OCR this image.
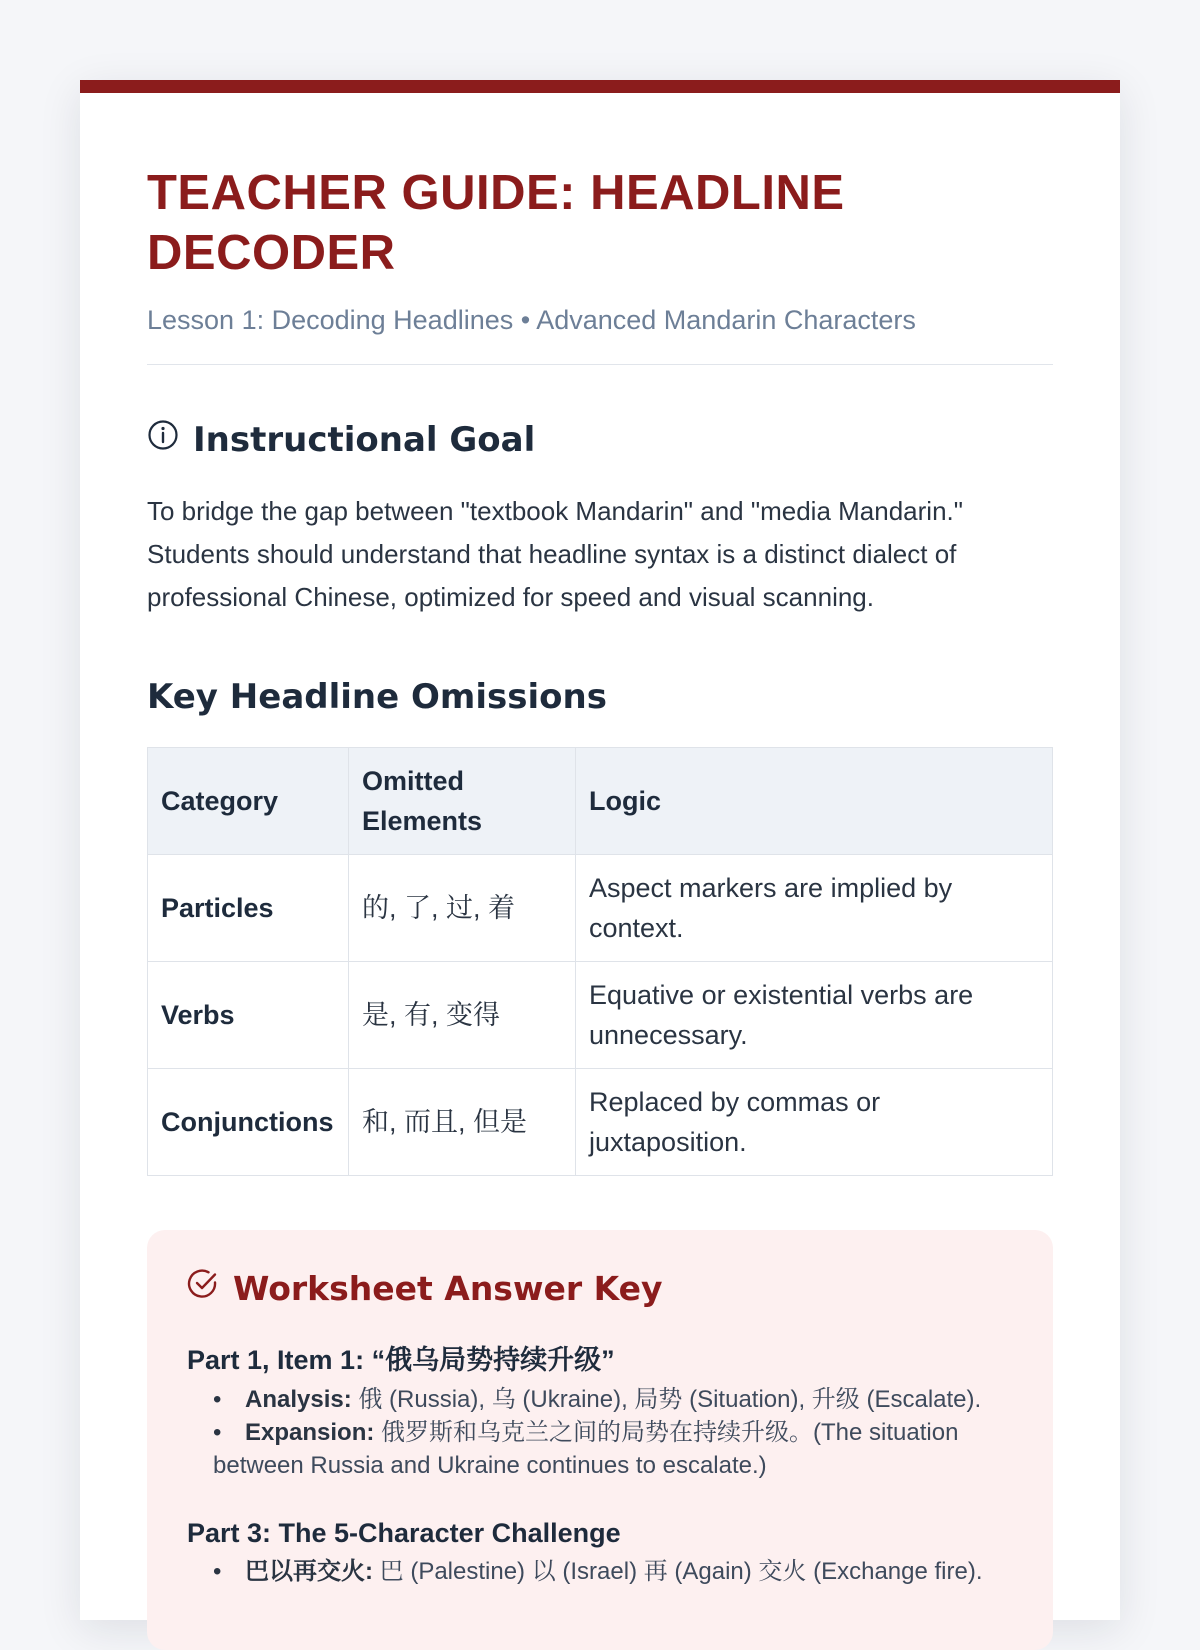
TEACHER GUIDE: HEADLINE DECODER
Lesson 1: Decoding Headlines • Advanced Mandarin Characters
Instructional Goal

To bridge the gap between "textbook Mandarin" and "media Mandarin." Students should understand that headline syntax is a distinct dialect of professional Chinese, optimized for speed and visual scanning.

Key Headline Omissions
Category	Omitted Elements	Logic
Particles	的, 了, 过, 着	Aspect markers are implied by context.
Verbs	是, 有, 变得	Equative or existential verbs are unnecessary.
Conjunctions	和, 而且, 但是	Replaced by commas or juxtaposition.
Worksheet Answer Key
Part 1, Item 1: “俄乌局势持续升级”
• Analysis: 俄 (Russia), 乌 (Ukraine), 局势 (Situation), 升级 (Escalate).
• Expansion: 俄罗斯和乌克兰之间的局势在持续升级。(The situation between Russia and Ukraine continues to escalate.)
Part 3: The 5-Character Challenge
• 巴以再交火: 巴 (Palestine) 以 (Israel) 再 (Again) 交火 (Exchange fire).
